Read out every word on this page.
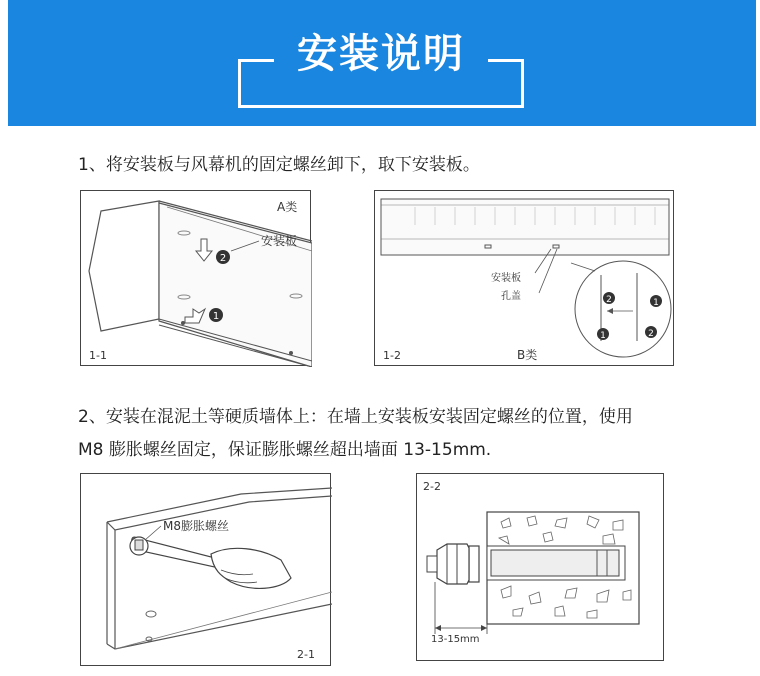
安装说明
1、将安装板与风幕机的固定螺丝卸下，取下安装板。
2
1
安装板
A类
1-1
安装板
孔盖	2	1
1	2
1-2	B类
2、安装在混泥土等硬质墙体上：在墙上安装板安装固定螺丝的位置，使用
M8 膨胀螺丝固定，保证膨胀螺丝超出墙面 13-15mm.
M8膨胀螺丝
2-1
13-15mm
2-2
